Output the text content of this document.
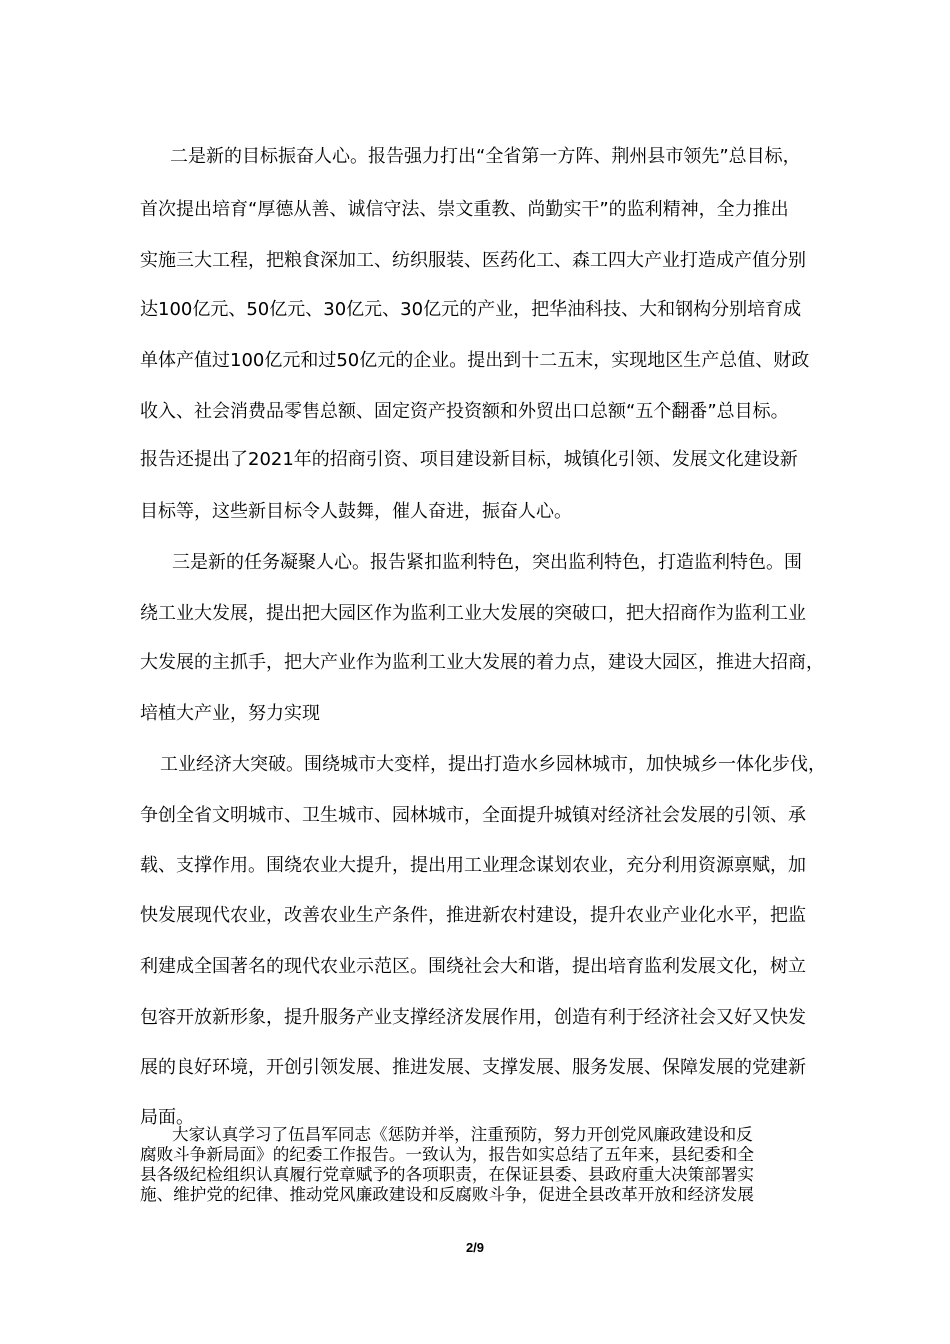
二是新的目标振奋人心。报告强力打出“全省第一方阵、荆州县市领先”总目标，
首次提出培育“厚德从善、诚信守法、崇文重教、尚勤实干”的监利精神，全力推出
实施三大工程，把粮食深加工、纺织服装、医药化工、森工四大产业打造成产值分别
达100亿元、50亿元、30亿元、30亿元的产业，把华油科技、大和钢构分别培育成
单体产值过100亿元和过50亿元的企业。提出到十二五末，实现地区生产总值、财政
收入、社会消费品零售总额、固定资产投资额和外贸出口总额“五个翻番”总目标。
报告还提出了2021年的招商引资、项目建设新目标，城镇化引领、发展文化建设新
目标等，这些新目标令人鼓舞，催人奋进，振奋人心。
三是新的任务凝聚人心。报告紧扣监利特色，突出监利特色，打造监利特色。围
绕工业大发展，提出把大园区作为监利工业大发展的突破口，把大招商作为监利工业
大发展的主抓手，把大产业作为监利工业大发展的着力点，建设大园区，推进大招商，
培植大产业，努力实现
工业经济大突破。围绕城市大变样，提出打造水乡园林城市，加快城乡一体化步伐，
争创全省文明城市、卫生城市、园林城市，全面提升城镇对经济社会发展的引领、承
载、支撑作用。围绕农业大提升，提出用工业理念谋划农业，充分利用资源禀赋，加
快发展现代农业，改善农业生产条件，推进新农村建设，提升农业产业化水平，把监
利建成全国著名的现代农业示范区。围绕社会大和谐，提出培育监利发展文化，树立
包容开放新形象，提升服务产业支撑经济发展作用，创造有利于经济社会又好又快发
展的良好环境，开创引领发展、推进发展、支撑发展、服务发展、保障发展的党建新
局面。
大家认真学习了伍昌军同志《惩防并举，注重预防，努力开创党风廉政建设和反
腐败斗争新局面》的纪委工作报告。一致认为，报告如实总结了五年来，县纪委和全
县各级纪检组织认真履行党章赋予的各项职责，在保证县委、县政府重大决策部署实
施、维护党的纪律、推动党风廉政建设和反腐败斗争，促进全县改革开放和经济发展
2/9
